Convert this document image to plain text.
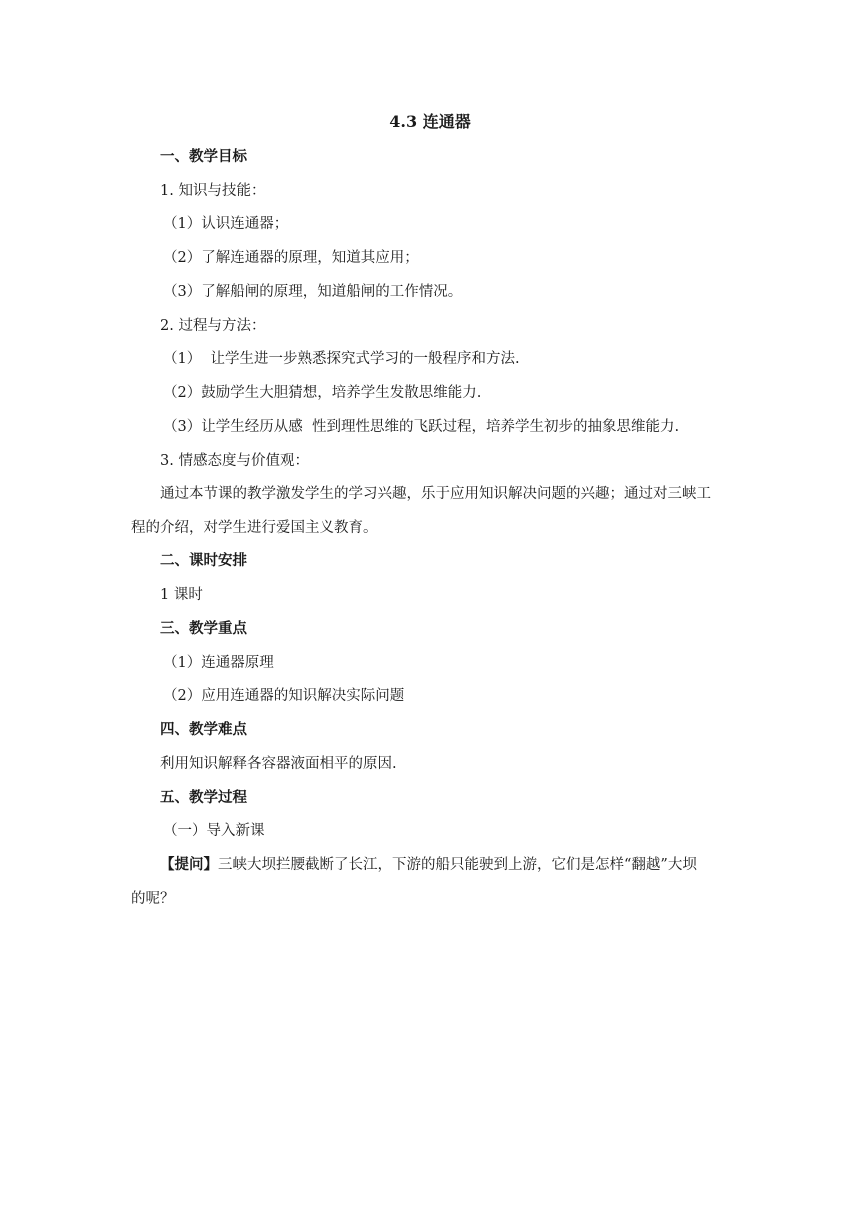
4.3 连通器
一、教学目标
1. 知识与技能：
（1）认识连通器；
（2）了解连通器的原理，知道其应用；
（3）了解船闸的原理，知道船闸的工作情况。
2. 过程与方法：
（1）  让学生进一步熟悉探究式学习的一般程序和方法.
（2）鼓励学生大胆猜想，培养学生发散思维能力.
（3）让学生经历从感  性到理性思维的飞跃过程，培养学生初步的抽象思维能力.
3. 情感态度与价值观：
通过本节课的教学激发学生的学习兴趣，乐于应用知识解决问题的兴趣；通过对三峡工
程的介绍，对学生进行爱国主义教育。
二、课时安排
1 课时
三、教学重点
（1）连通器原理
（2）应用连通器的知识解决实际问题
四、教学难点
利用知识解释各容器液面相平的原因.
五、教学过程
（一）导入新课
【提问】三峡大坝拦腰截断了长江，下游的船只能驶到上游，它们是怎样“翻越”大坝
的呢？
